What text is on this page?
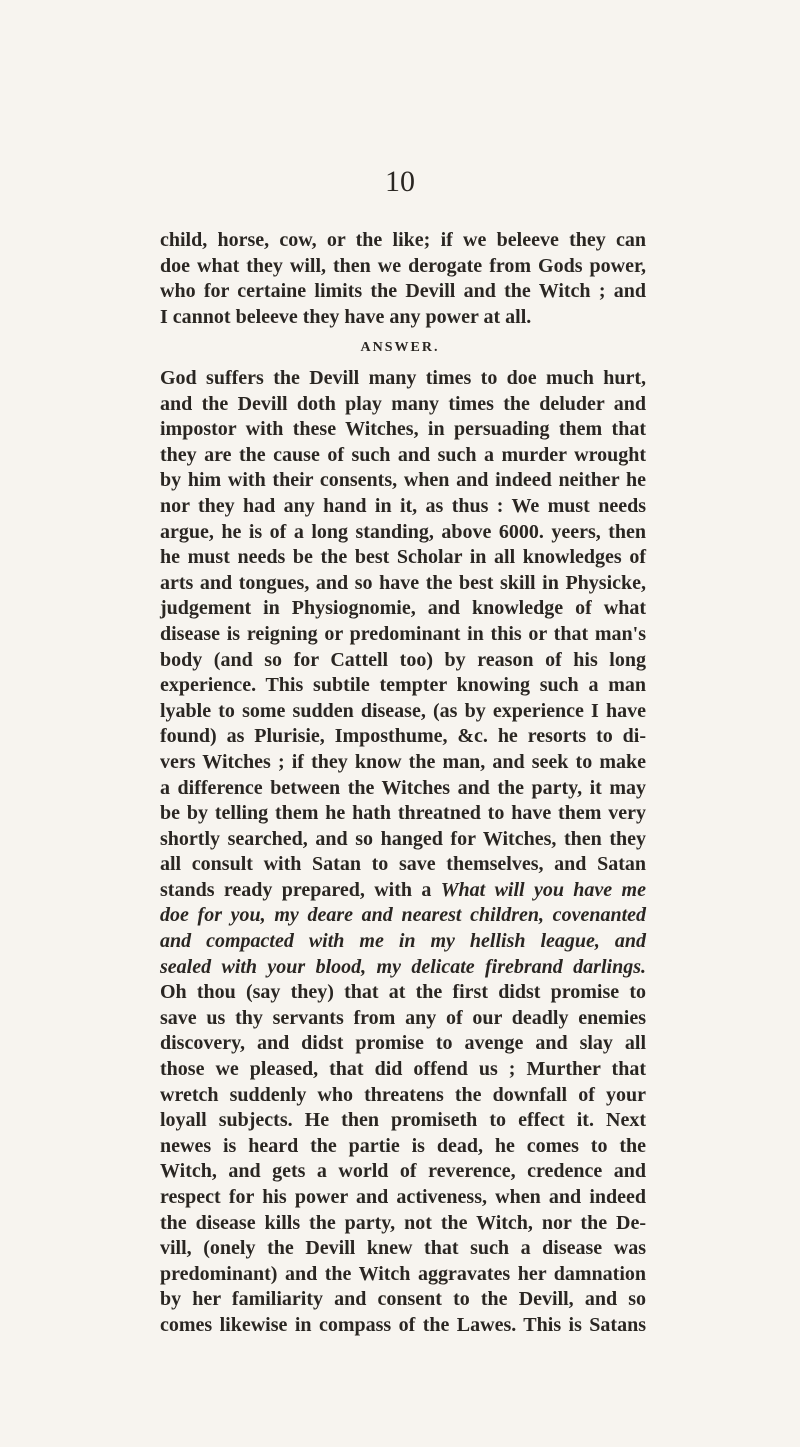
10
child, horse, cow, or the like; if we beleeve they can
doe what they will, then we derogate from Gods power,
who for certaine limits the Devill and the Witch ; and
I cannot beleeve they have any power at all.
ANSWER.
God suffers the Devill many times to doe much hurt,
and the Devill doth play many times the deluder and
impostor with these Witches, in persuading them that
they are the cause of such and such a murder wrought
by him with their consents, when and indeed neither he
nor they had any hand in it, as thus : We must needs
argue, he is of a long standing, above 6000. yeers, then
he must needs be the best Scholar in all knowledges of
arts and tongues, and so have the best skill in Physicke,
judgement in Physiognomie, and knowledge of what
disease is reigning or predominant in this or that man's
body (and so for Cattell too) by reason of his long
experience. This subtile tempter knowing such a man
lyable to some sudden disease, (as by experience I have
found) as Plurisie, Imposthume, &c. he resorts to di-
vers Witches ; if they know the man, and seek to make
a difference between the Witches and the party, it may
be by telling them he hath threatned to have them very
shortly searched, and so hanged for Witches, then they
all consult with Satan to save themselves, and Satan
stands ready prepared, with a What will you have me
doe for you, my deare and nearest children, covenanted
and compacted with me in my hellish league, and
sealed with your blood, my delicate firebrand darlings.
Oh thou (say they) that at the first didst promise to
save us thy servants from any of our deadly enemies
discovery, and didst promise to avenge and slay all
those we pleased, that did offend us ; Murther that
wretch suddenly who threatens the downfall of your
loyall subjects. He then promiseth to effect it. Next
newes is heard the partie is dead, he comes to the
Witch, and gets a world of reverence, credence and
respect for his power and activeness, when and indeed
the disease kills the party, not the Witch, nor the De-
vill, (onely the Devill knew that such a disease was
predominant) and the Witch aggravates her damnation
by her familiarity and consent to the Devill, and so
comes likewise in compass of the Lawes. This is Satans
